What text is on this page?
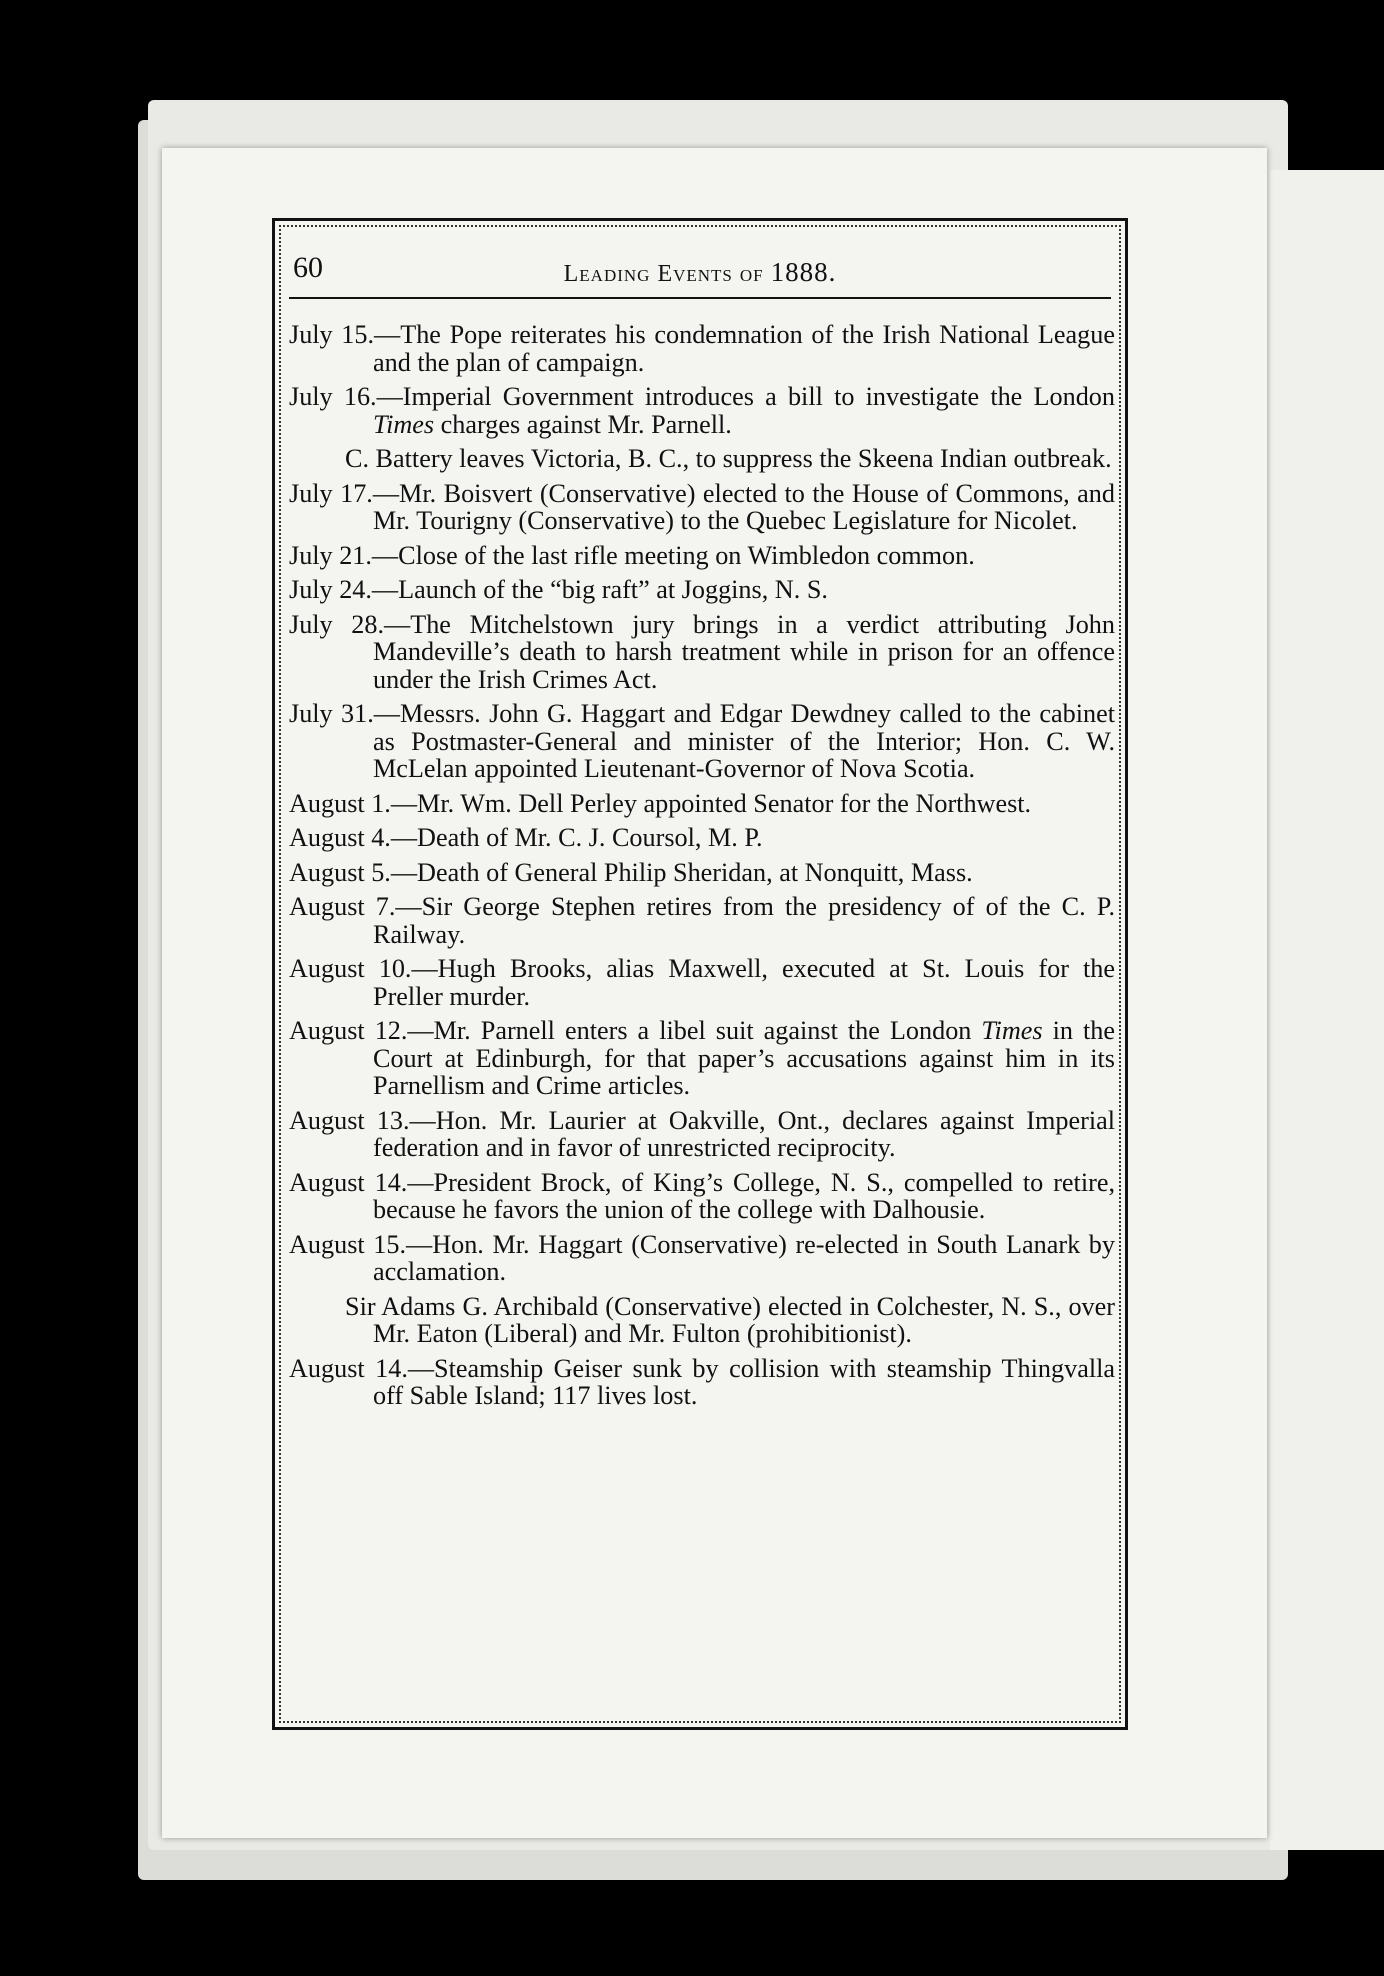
60	Leading Events of 1888.

July 15.—The Pope reiterates his condemnation of the Irish National League and the plan of campaign.

July 16.—Imperial Government introduces a bill to investigate the London Times charges against Mr. Parnell.

C. Battery leaves Victoria, B. C., to suppress the Skeena Indian outbreak.

July 17.—Mr. Boisvert (Conservative) elected to the House of Commons, and Mr. Tourigny (Conservative) to the Quebec Legislature for Nicolet.

July 21.—Close of the last rifle meeting on Wimbledon common.

July 24.—Launch of the “big raft” at Joggins, N. S.

July 28.—The Mitchelstown jury brings in a verdict attributing John Mandeville’s death to harsh treatment while in prison for an offence under the Irish Crimes Act.

July 31.—Messrs. John G. Haggart and Edgar Dewdney called to the cabinet as Postmaster-General and minister of the Interior; Hon. C. W. McLelan appointed Lieutenant-Governor of Nova Scotia.

August 1.—Mr. Wm. Dell Perley appointed Senator for the Northwest.

August 4.—Death of Mr. C. J. Coursol, M. P.

August 5.—Death of General Philip Sheridan, at Nonquitt, Mass.

August 7.—Sir George Stephen retires from the presidency of of the C. P. Railway.

August 10.—Hugh Brooks, alias Maxwell, executed at St. Louis for the Preller murder.

August 12.—Mr. Parnell enters a libel suit against the London Times in the Court at Edinburgh, for that paper’s accusations against him in its Parnellism and Crime articles.

August 13.—Hon. Mr. Laurier at Oakville, Ont., declares against Imperial federation and in favor of unrestricted reciprocity.

August 14.—President Brock, of King’s College, N. S., compelled to retire, because he favors the union of the college with Dalhousie.

August 15.—Hon. Mr. Haggart (Conservative) re-elected in South Lanark by acclamation.

Sir Adams G. Archibald (Conservative) elected in Colchester, N. S., over Mr. Eaton (Liberal) and Mr. Fulton (prohibitionist).

August 14.—Steamship Geiser sunk by collision with steamship Thingvalla off Sable Island; 117 lives lost.
